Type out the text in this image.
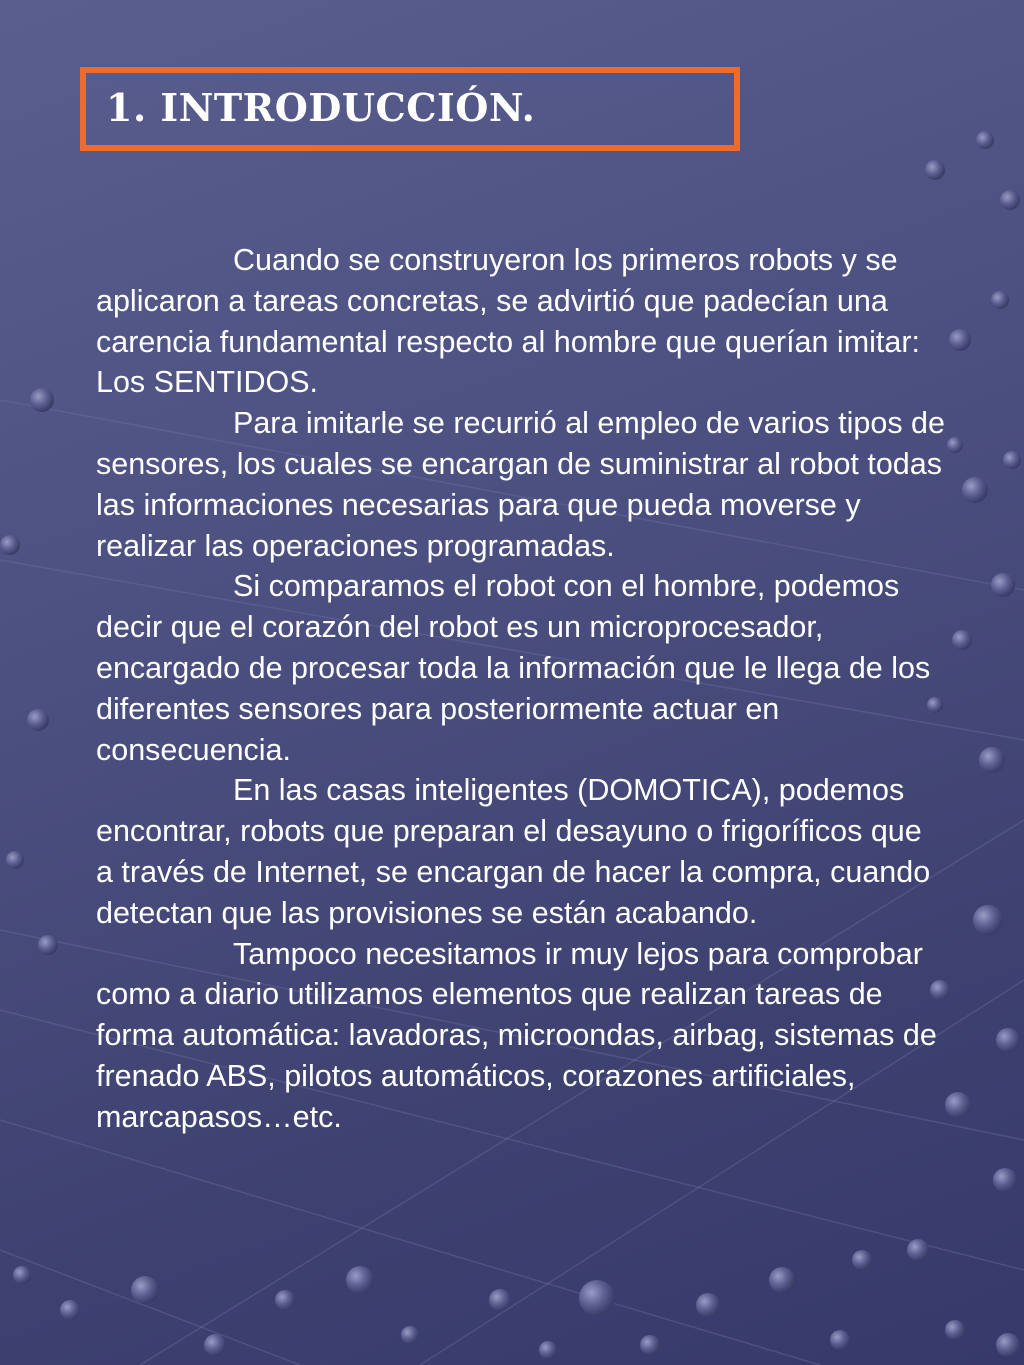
1. INTRODUCCIÓN.

Cuando se construyeron los primeros robots y se aplicaron a tareas concretas, se advirtió que padecían una carencia fundamental respecto al hombre que querían imitar: Los SENTIDOS.

Para imitarle se recurrió al empleo de varios tipos de sensores, los cuales se encargan de suministrar al robot todas las informaciones necesarias para que pueda moverse y realizar las operaciones programadas.

Si comparamos el robot con el hombre, podemos decir que el corazón del robot es un microprocesador, encargado de procesar toda la información que le llega de los diferentes sensores para posteriormente actuar en consecuencia.

En las casas inteligentes (DOMOTICA), podemos encontrar, robots que preparan el desayuno o frigoríficos que a través de Internet, se encargan de hacer la compra, cuando detectan que las provisiones se están acabando.

Tampoco necesitamos ir muy lejos para comprobar como a diario utilizamos elementos que realizan tareas de forma automática: lavadoras, microondas, airbag, sistemas de frenado ABS, pilotos automáticos, corazones artificiales, marcapasos…etc.
